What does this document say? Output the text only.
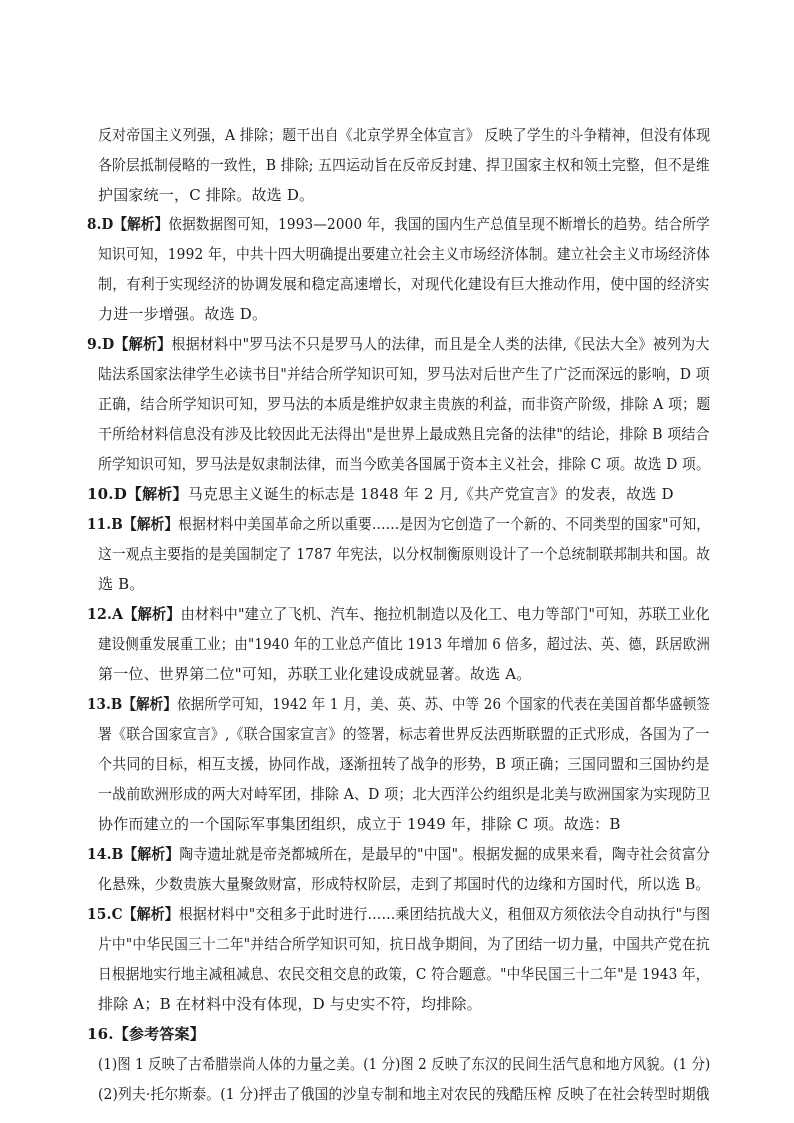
反对帝国主义列强，A 排除；题干出自《北京学界全体宣言》 反映了学生的斗争精神，但没有体现
各阶层抵制侵略的一致性，B 排除; 五四运动旨在反帝反封建、捍卫国家主权和领土完整，但不是维
护国家统一，C 排除。故选 D。
8.D【解析】依据数据图可知，1993—2000 年，我国的国内生产总值呈现不断增长的趋势。结合所学
知识可知，1992 年，中共十四大明确提出要建立社会主义市场经济体制。建立社会主义市场经济体
制，有利于实现经济的协调发展和稳定高速增长，对现代化建设有巨大推动作用，使中国的经济实
力进一步增强。故选 D。
9.D【解析】根据材料中"罗马法不只是罗马人的法律，而且是全人类的法律,《民法大全》被列为大
陆法系国家法律学生必读书目"并结合所学知识可知，罗马法对后世产生了广泛而深远的影响，D 项
正确，结合所学知识可知，罗马法的本质是维护奴隶主贵族的利益，而非资产阶级，排除 A 项；题
干所给材料信息没有涉及比较因此无法得出"是世界上最成熟且完备的法律"的结论，排除 B 项结合
所学知识可知，罗马法是奴隶制法律，而当今欧美各国属于资本主义社会，排除 C 项。故选 D 项。
10.D【解析】马克思主义诞生的标志是 1848 年 2 月,《共产党宣言》的发表，故选 D
11.B【解析】根据材料中美国革命之所以重要……是因为它创造了一个新的、不同类型的国家"可知，
这一观点主要指的是美国制定了 1787 年宪法，以分权制衡原则设计了一个总统制联邦制共和国。故
选 B。
12.A【解析】由材料中"建立了飞机、汽车、拖拉机制造以及化工、电力等部门"可知，苏联工业化
建设侧重发展重工业；由"1940 年的工业总产值比 1913 年增加 6 倍多，超过法、英、德，跃居欧洲
第一位、世界第二位"可知，苏联工业化建设成就显著。故选 A。
13.B【解析】依据所学可知，1942 年 1 月，美、英、苏、中等 26 个国家的代表在美国首都华盛顿签
署《联合国家宣言》,《联合国家宣言》的签署，标志着世界反法西斯联盟的正式形成，各国为了一
个共同的目标，相互支援，协同作战，逐渐扭转了战争的形势，B 项正确；三国同盟和三国协约是
一战前欧洲形成的两大对峙军团，排除 A、D 项；北大西洋公约组织是北美与欧洲国家为实现防卫
协作而建立的一个国际军事集团组织，成立于 1949 年，排除 C 项。故选：B
14.B【解析】陶寺遗址就是帝尧都城所在，是最早的"中国"。根据发掘的成果来看，陶寺社会贫富分
化悬殊，少数贵族大量聚敛财富，形成特权阶层，走到了邦国时代的边缘和方国时代，所以选 B。
15.C【解析】根据材料中"交租多于此时进行……乘团结抗战大义，租佃双方须依法令自动执行"与图
片中"中华民国三十二年"并结合所学知识可知，抗日战争期间，为了团结一切力量，中国共产党在抗
日根据地实行地主减租减息、农民交租交息的政策，C 符合题意。"中华民国三十二年"是 1943 年，
排除 A；B 在材料中没有体现，D 与史实不符，均排除。
16.【参考答案】
(1)图 1 反映了古希腊崇尚人体的力量之美。(1 分)图 2 反映了东汉的民间生活气息和地方风貌。(1 分)
(2)列夫·托尔斯泰。(1 分)抨击了俄国的沙皇专制和地主对农民的残酷压榨 反映了在社会转型时期俄
